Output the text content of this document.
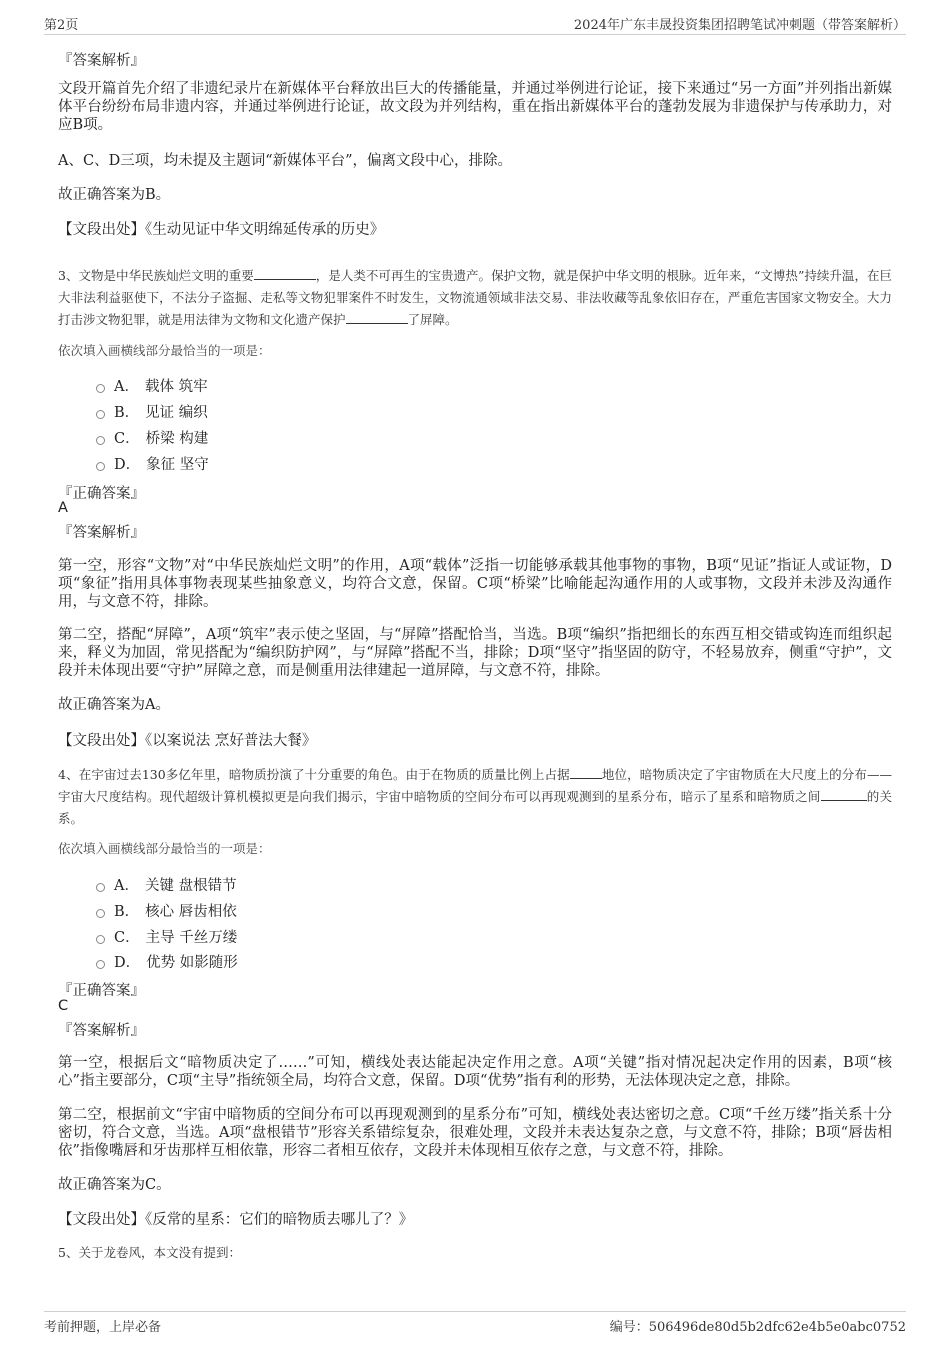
第2页	2024年广东丰晟投资集团招聘笔试冲刺题（带答案解析）
『答案解析』
文段开篇首先介绍了非遗纪录片在新媒体平台释放出巨大的传播能量，并通过举例进行论证，接下来通过“另一方面”并列指出新媒体平台纷纷布局非遗内容，并通过举例进行论证，故文段为并列结构，重在指出新媒体平台的蓬勃发展为非遗保护与传承助力，对应B项。
A、C、D三项，均未提及主题词“新媒体平台”，偏离文段中心，排除。
故正确答案为B。
【文段出处】《生动见证中华文明绵延传承的历史》
3、文物是中华民族灿烂文明的重要	，是人类不可再生的宝贵遗产。保护文物，就是保护中华文明的根脉。近年来，“文博热”持续升温，在巨大非法利益驱使下，不法分子盗掘、走私等文物犯罪案件不时发生，文物流通领域非法交易、非法收藏等乱象依旧存在，严重危害国家文物安全。大力打击涉文物犯罪，就是用法律为文物和文化遗产保护	了屏障。
依次填入画横线部分最恰当的一项是：
A． 载体 筑牢
B． 见证 编织
C． 桥梁 构建
D． 象征 坚守
『正确答案』
A
『答案解析』
第一空，形容“文物”对“中华民族灿烂文明”的作用，A项“载体”泛指一切能够承载其他事物的事物，B项“见证”指证人或证物，D项“象征”指用具体事物表现某些抽象意义，均符合文意，保留。C项“桥梁”比喻能起沟通作用的人或事物，文段并未涉及沟通作用，与文意不符，排除。
第二空，搭配“屏障”，A项“筑牢”表示使之坚固，与“屏障”搭配恰当，当选。B项“编织”指把细长的东西互相交错或钩连而组织起来，释义为加固，常见搭配为“编织防护网”，与“屏障”搭配不当，排除；D项“坚守”指坚固的防守，不轻易放弃，侧重“守护”，文段并未体现出要“守护”屏障之意，而是侧重用法律建起一道屏障，与文意不符，排除。
故正确答案为A。
【文段出处】《以案说法 烹好普法大餐》
4、在宇宙过去130多亿年里，暗物质扮演了十分重要的角色。由于在物质的质量比例上占据	地位，暗物质决定了宇宙物质在大尺度上的分布——宇宙大尺度结构。现代超级计算机模拟更是向我们揭示，宇宙中暗物质的空间分布可以再现观测到的星系分布，暗示了星系和暗物质之间	的关系。
依次填入画横线部分最恰当的一项是：
A． 关键 盘根错节
B． 核心 唇齿相依
C． 主导 千丝万缕
D． 优势 如影随形
『正确答案』
C
『答案解析』
第一空，根据后文“暗物质决定了……”可知，横线处表达能起决定作用之意。A项“关键”指对情况起决定作用的因素，B项“核心”指主要部分，C项“主导”指统领全局，均符合文意，保留。D项“优势”指有利的形势，无法体现决定之意，排除。
第二空，根据前文“宇宙中暗物质的空间分布可以再现观测到的星系分布”可知，横线处表达密切之意。C项“千丝万缕”指关系十分密切，符合文意，当选。A项“盘根错节”形容关系错综复杂，很难处理，文段并未表达复杂之意，与文意不符，排除；B项“唇齿相依”指像嘴唇和牙齿那样互相依靠，形容二者相互依存，文段并未体现相互依存之意，与文意不符，排除。
故正确答案为C。
【文段出处】《反常的星系：它们的暗物质去哪儿了？》
5、关于龙卷风，本文没有提到：
考前押题，上岸必备	编号：506496de80d5b2dfc62e4b5e0abc0752
